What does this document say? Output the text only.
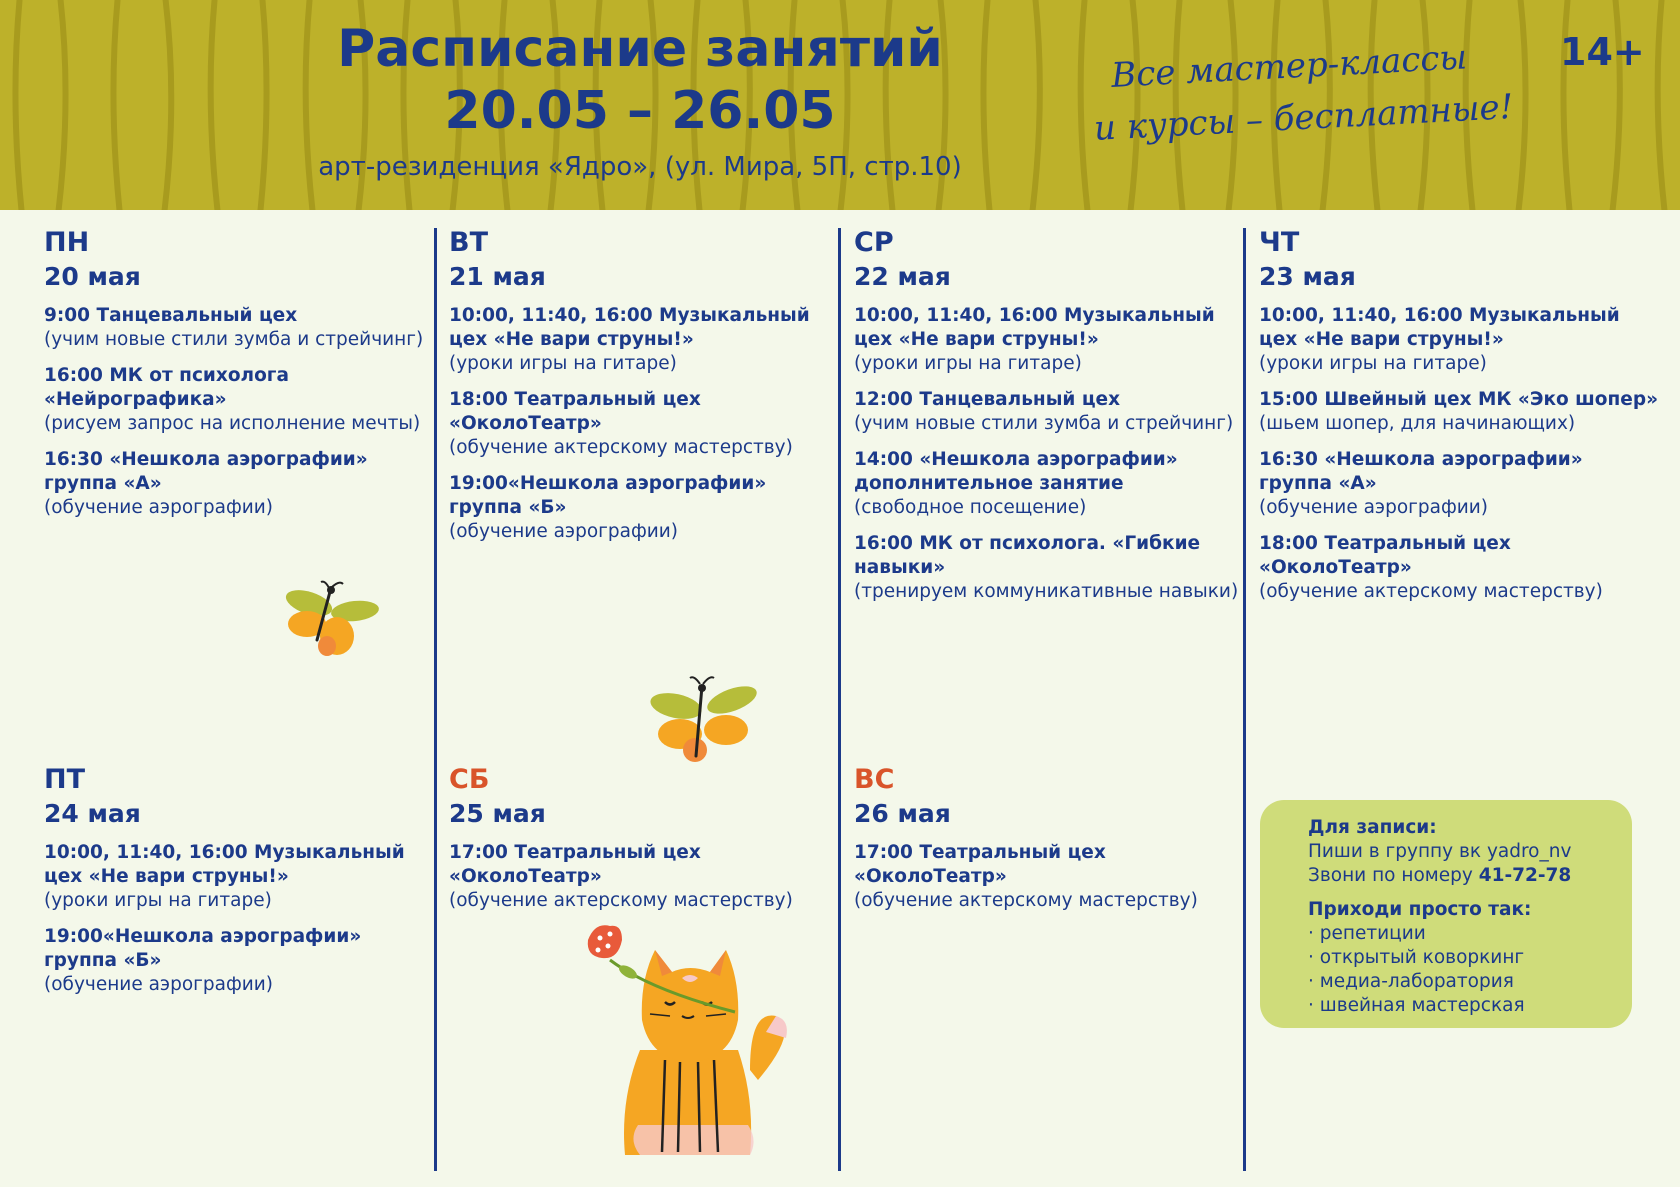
Расписание занятий
20.05 – 26.05
арт-резиденция «Ядро», (ул. Мира, 5П, стр.10)
Все мастер-классы
и курсы – бесплатные!
14+
ПН
20 мая
9:00 Танцевальный цех
(учим новые стили зумба и стрейчинг)
16:00 МК от психолога «Нейрографика»
(рисуем запрос на исполнение мечты)
16:30 «Нешкола аэрографии» группа «А»
(обучение аэрографии)
ВТ
21 мая
10:00, 11:40, 16:00 Музыкальный цех «Не вари струны!»
(уроки игры на гитаре)
18:00 Театральный цех «ОколоТеатр»
(обучение актерскому мастерству)
19:00«Нешкола аэрографии» группа «Б»
(обучение аэрографии)
СР
22 мая
10:00, 11:40, 16:00 Музыкальный цех «Не вари струны!»
(уроки игры на гитаре)
12:00 Танцевальный цех
(учим новые стили зумба и стрейчинг)
14:00 «Нешкола аэрографии» дополнительное занятие
(свободное посещение)
16:00 МК от психолога. «Гибкие навыки»
(тренируем коммуникативные навыки)
ЧТ
23 мая
10:00, 11:40, 16:00 Музыкальный цех «Не вари струны!»
(уроки игры на гитаре)
15:00 Швейный цех МК «Эко шопер»
(шьем шопер, для начинающих)
16:30 «Нешкола аэрографии» группа «А»
(обучение аэрографии)
18:00 Театральный цех «ОколоТеатр»
(обучение актерскому мастерству)
ПТ
24 мая
10:00, 11:40, 16:00 Музыкальный цех «Не вари струны!»
(уроки игры на гитаре)
19:00«Нешкола аэрографии» группа «Б»
(обучение аэрографии)
СБ
25 мая
17:00 Театральный цех «ОколоТеатр»
(обучение актерскому мастерству)
ВС
26 мая
17:00 Театральный цех «ОколоТеатр»
(обучение актерскому мастерству)
Для записи:
Пиши в группу вк yadro_nv
Звони по номеру 41-72-78
Приходи просто так:
· репетиции
· открытый коворкинг
· медиа-лаборатория
· швейная мастерская
